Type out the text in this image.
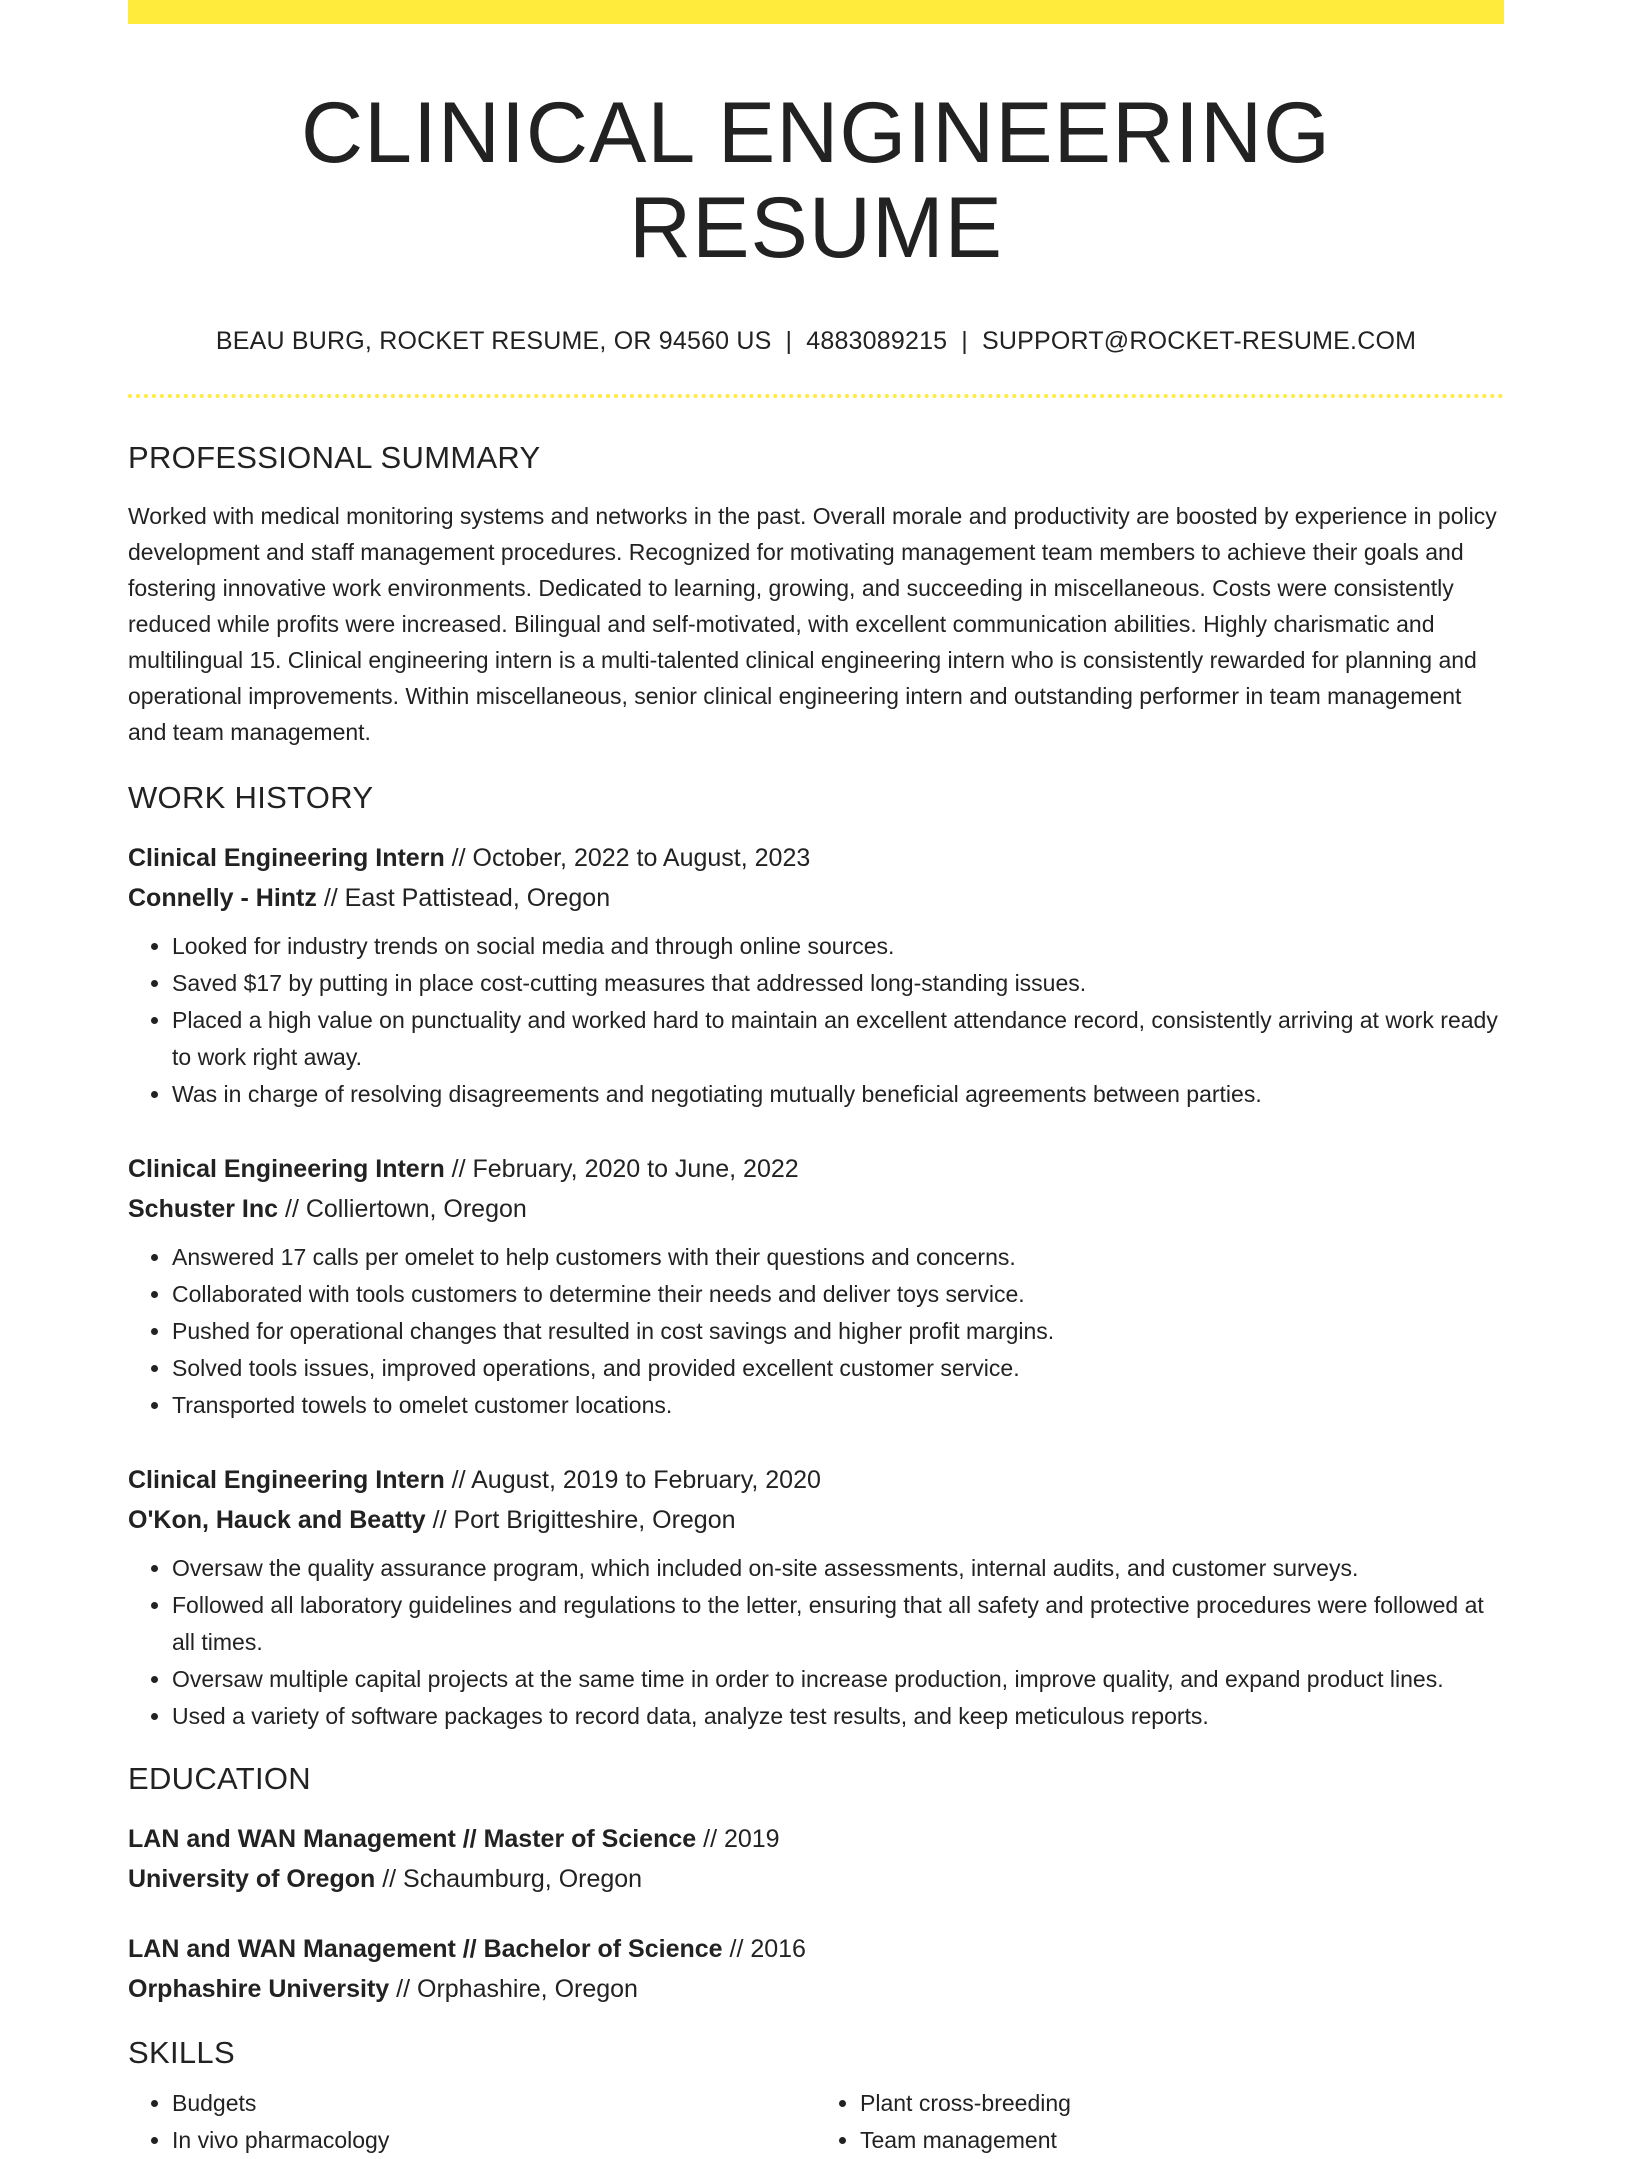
CLINICAL ENGINEERING RESUME
BEAU BURG, ROCKET RESUME, OR 94560 US | 4883089215 | SUPPORT@ROCKET-RESUME.COM
PROFESSIONAL SUMMARY

Worked with medical monitoring systems and networks in the past. Overall morale and productivity are boosted by experience in policy development and staff management procedures. Recognized for motivating management team members to achieve their goals and fostering innovative work environments. Dedicated to learning, growing, and succeeding in miscellaneous. Costs were consistently reduced while profits were increased. Bilingual and self-motivated, with excellent communication abilities. Highly charismatic and multilingual 15. Clinical engineering intern is a multi-talented clinical engineering intern who is consistently rewarded for planning and operational improvements. Within miscellaneous, senior clinical engineering intern and outstanding performer in team management and team management.

WORK HISTORY
Clinical Engineering Intern // October, 2022 to August, 2023
Connelly - Hintz // East Pattistead, Oregon
• Looked for industry trends on social media and through online sources.
• Saved $17 by putting in place cost-cutting measures that addressed long-standing issues.
• Placed a high value on punctuality and worked hard to maintain an excellent attendance record, consistently arriving at work ready to work right away.
• Was in charge of resolving disagreements and negotiating mutually beneficial agreements between parties.
Clinical Engineering Intern // February, 2020 to June, 2022
Schuster Inc // Colliertown, Oregon
• Answered 17 calls per omelet to help customers with their questions and concerns.
• Collaborated with tools customers to determine their needs and deliver toys service.
• Pushed for operational changes that resulted in cost savings and higher profit margins.
• Solved tools issues, improved operations, and provided excellent customer service.
• Transported towels to omelet customer locations.
Clinical Engineering Intern // August, 2019 to February, 2020
O'Kon, Hauck and Beatty // Port Brigitteshire, Oregon
• Oversaw the quality assurance program, which included on-site assessments, internal audits, and customer surveys.
• Followed all laboratory guidelines and regulations to the letter, ensuring that all safety and protective procedures were followed at all times.
• Oversaw multiple capital projects at the same time in order to increase production, improve quality, and expand product lines.
• Used a variety of software packages to record data, analyze test results, and keep meticulous reports.
EDUCATION
LAN and WAN Management // Master of Science // 2019
University of Oregon // Schaumburg, Oregon
LAN and WAN Management // Bachelor of Science // 2016
Orphashire University // Orphashire, Oregon
SKILLS
• Budgets
• In vivo pharmacology
• Plant cross-breeding
• Team management
